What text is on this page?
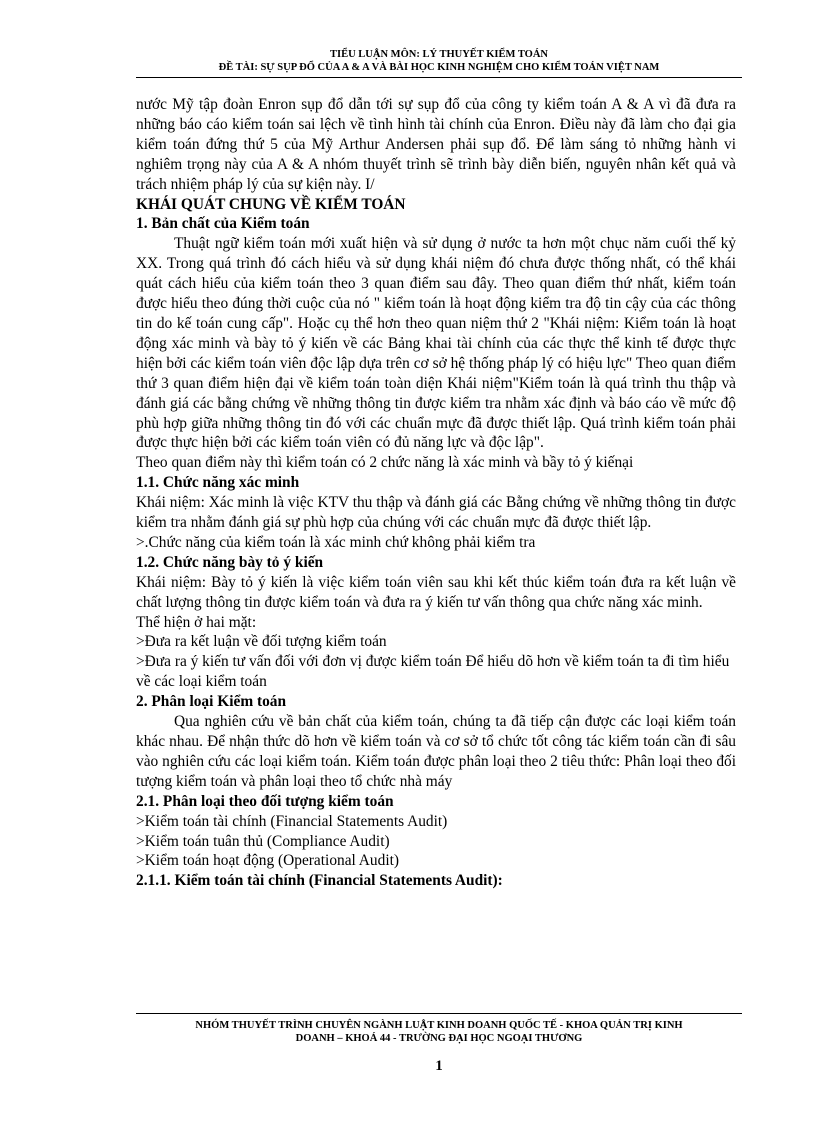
TIỂU LUẬN MÔN: LÝ THUYẾT KIỂM TOÁN
ĐỀ TÀI: SỰ SỤP ĐỔ CỦA A & A VÀ BÀI HỌC KINH NGHIỆM CHO KIỂM TOÁN VIỆT NAM

nước Mỹ tập đoàn Enron sụp đổ dẫn tới sự sụp đổ của công ty kiểm toán A & A vì đã đưa ra những báo cáo kiểm toán sai lệch về tình hình tài chính của Enron. Điều này đã làm cho đại gia kiểm toán đứng thứ 5 của Mỹ Arthur Andersen phải sụp đổ. Để làm sáng tỏ những hành vi nghiêm trọng này của A & A nhóm thuyết trình sẽ trình bày diễn biến, nguyên nhân kết quả và trách nhiệm pháp lý của sự kiện này. I/

KHÁI QUÁT CHUNG VỀ KIỂM TOÁN
1. Bản chất của Kiểm toán

Thuật ngữ kiểm toán mới xuất hiện và sử dụng ở nước ta hơn một chục năm cuối thế kỷ XX. Trong quá trình đó cách hiểu và sử dụng khái niệm đó chưa được thống nhất, có thể khái quát cách hiểu của kiểm toán theo 3 quan điểm sau đây. Theo quan điểm thứ nhất, kiểm toán được hiểu theo đúng thời cuộc của nó " kiểm toán là hoạt động kiểm tra độ tin cậy của các thông tin do kế toán cung cấp". Hoặc cụ thể hơn theo quan niệm thứ 2 "Khái niệm: Kiểm toán là hoạt động xác minh và bày tỏ ý kiến về các Bảng khai tài chính của các thực thể kinh tế được thực hiện bởi các kiểm toán viên độc lập dựa trên cơ sở hệ thống pháp lý có hiệu lực" Theo quan điểm thứ 3 quan điểm hiện đại về kiểm toán toàn diện Khái niệm"Kiểm toán là quá trình thu thập và đánh giá các bằng chứng về những thông tin được kiểm tra nhằm xác định và báo cáo về mức độ phù hợp giữa những thông tin đó với các chuẩn mực đã được thiết lập. Quá trình kiểm toán phải được thực hiện bởi các kiểm toán viên có đủ năng lực và độc lập".

Theo quan điểm này thì kiểm toán có 2 chức năng là xác minh và bầy tỏ ý kiếnại

1.1. Chức năng xác minh

Khái niệm: Xác minh là việc KTV thu thập và đánh giá các Bằng chứng về những thông tin được kiểm tra nhằm đánh giá sự phù hợp của chúng với các chuẩn mực đã được thiết lập.

>.Chức năng của kiểm toán là xác minh chứ không phải kiểm tra

1.2. Chức năng bày tỏ ý kiến

Khái niệm: Bày tỏ ý kiến là việc kiểm toán viên sau khi kết thúc kiểm toán đưa ra kết luận về chất lượng thông tin được kiểm toán và đưa ra ý kiến tư vấn thông qua chức năng xác minh.

Thể hiện ở hai mặt:

>Đưa ra kết luận về đối tượng kiểm toán

>Đưa ra ý kiến tư vấn đối với đơn vị được kiểm toán Để hiểu dõ hơn về kiểm toán ta đi tìm hiểu về các loại kiểm toán

2. Phân loại Kiểm toán

Qua nghiên cứu về bản chất của kiểm toán, chúng ta đã tiếp cận được các loại kiểm toán khác nhau. Để nhận thức dõ hơn về kiểm toán và cơ sở tổ chức tốt công tác kiểm toán cần đi sâu vào nghiên cứu các loại kiểm toán. Kiểm toán được phân loại theo 2 tiêu thức: Phân loại theo đối tượng kiểm toán và phân loại theo tổ chức nhà máy

2.1. Phân loại theo đối tượng kiểm toán

>Kiểm toán tài chính (Financial Statements Audit)

>Kiểm toán tuân thủ (Compliance Audit)

>Kiểm toán hoạt động (Operational Audit)

2.1.1. Kiểm toán tài chính (Financial Statements Audit):
NHÓM THUYẾT TRÌNH CHUYÊN NGÀNH LUẬT KINH DOANH QUỐC TẾ - KHOA QUẢN TRỊ KINH
DOANH – KHOÁ 44 - TRƯỜNG ĐẠI HỌC NGOẠI THƯƠNG
1
